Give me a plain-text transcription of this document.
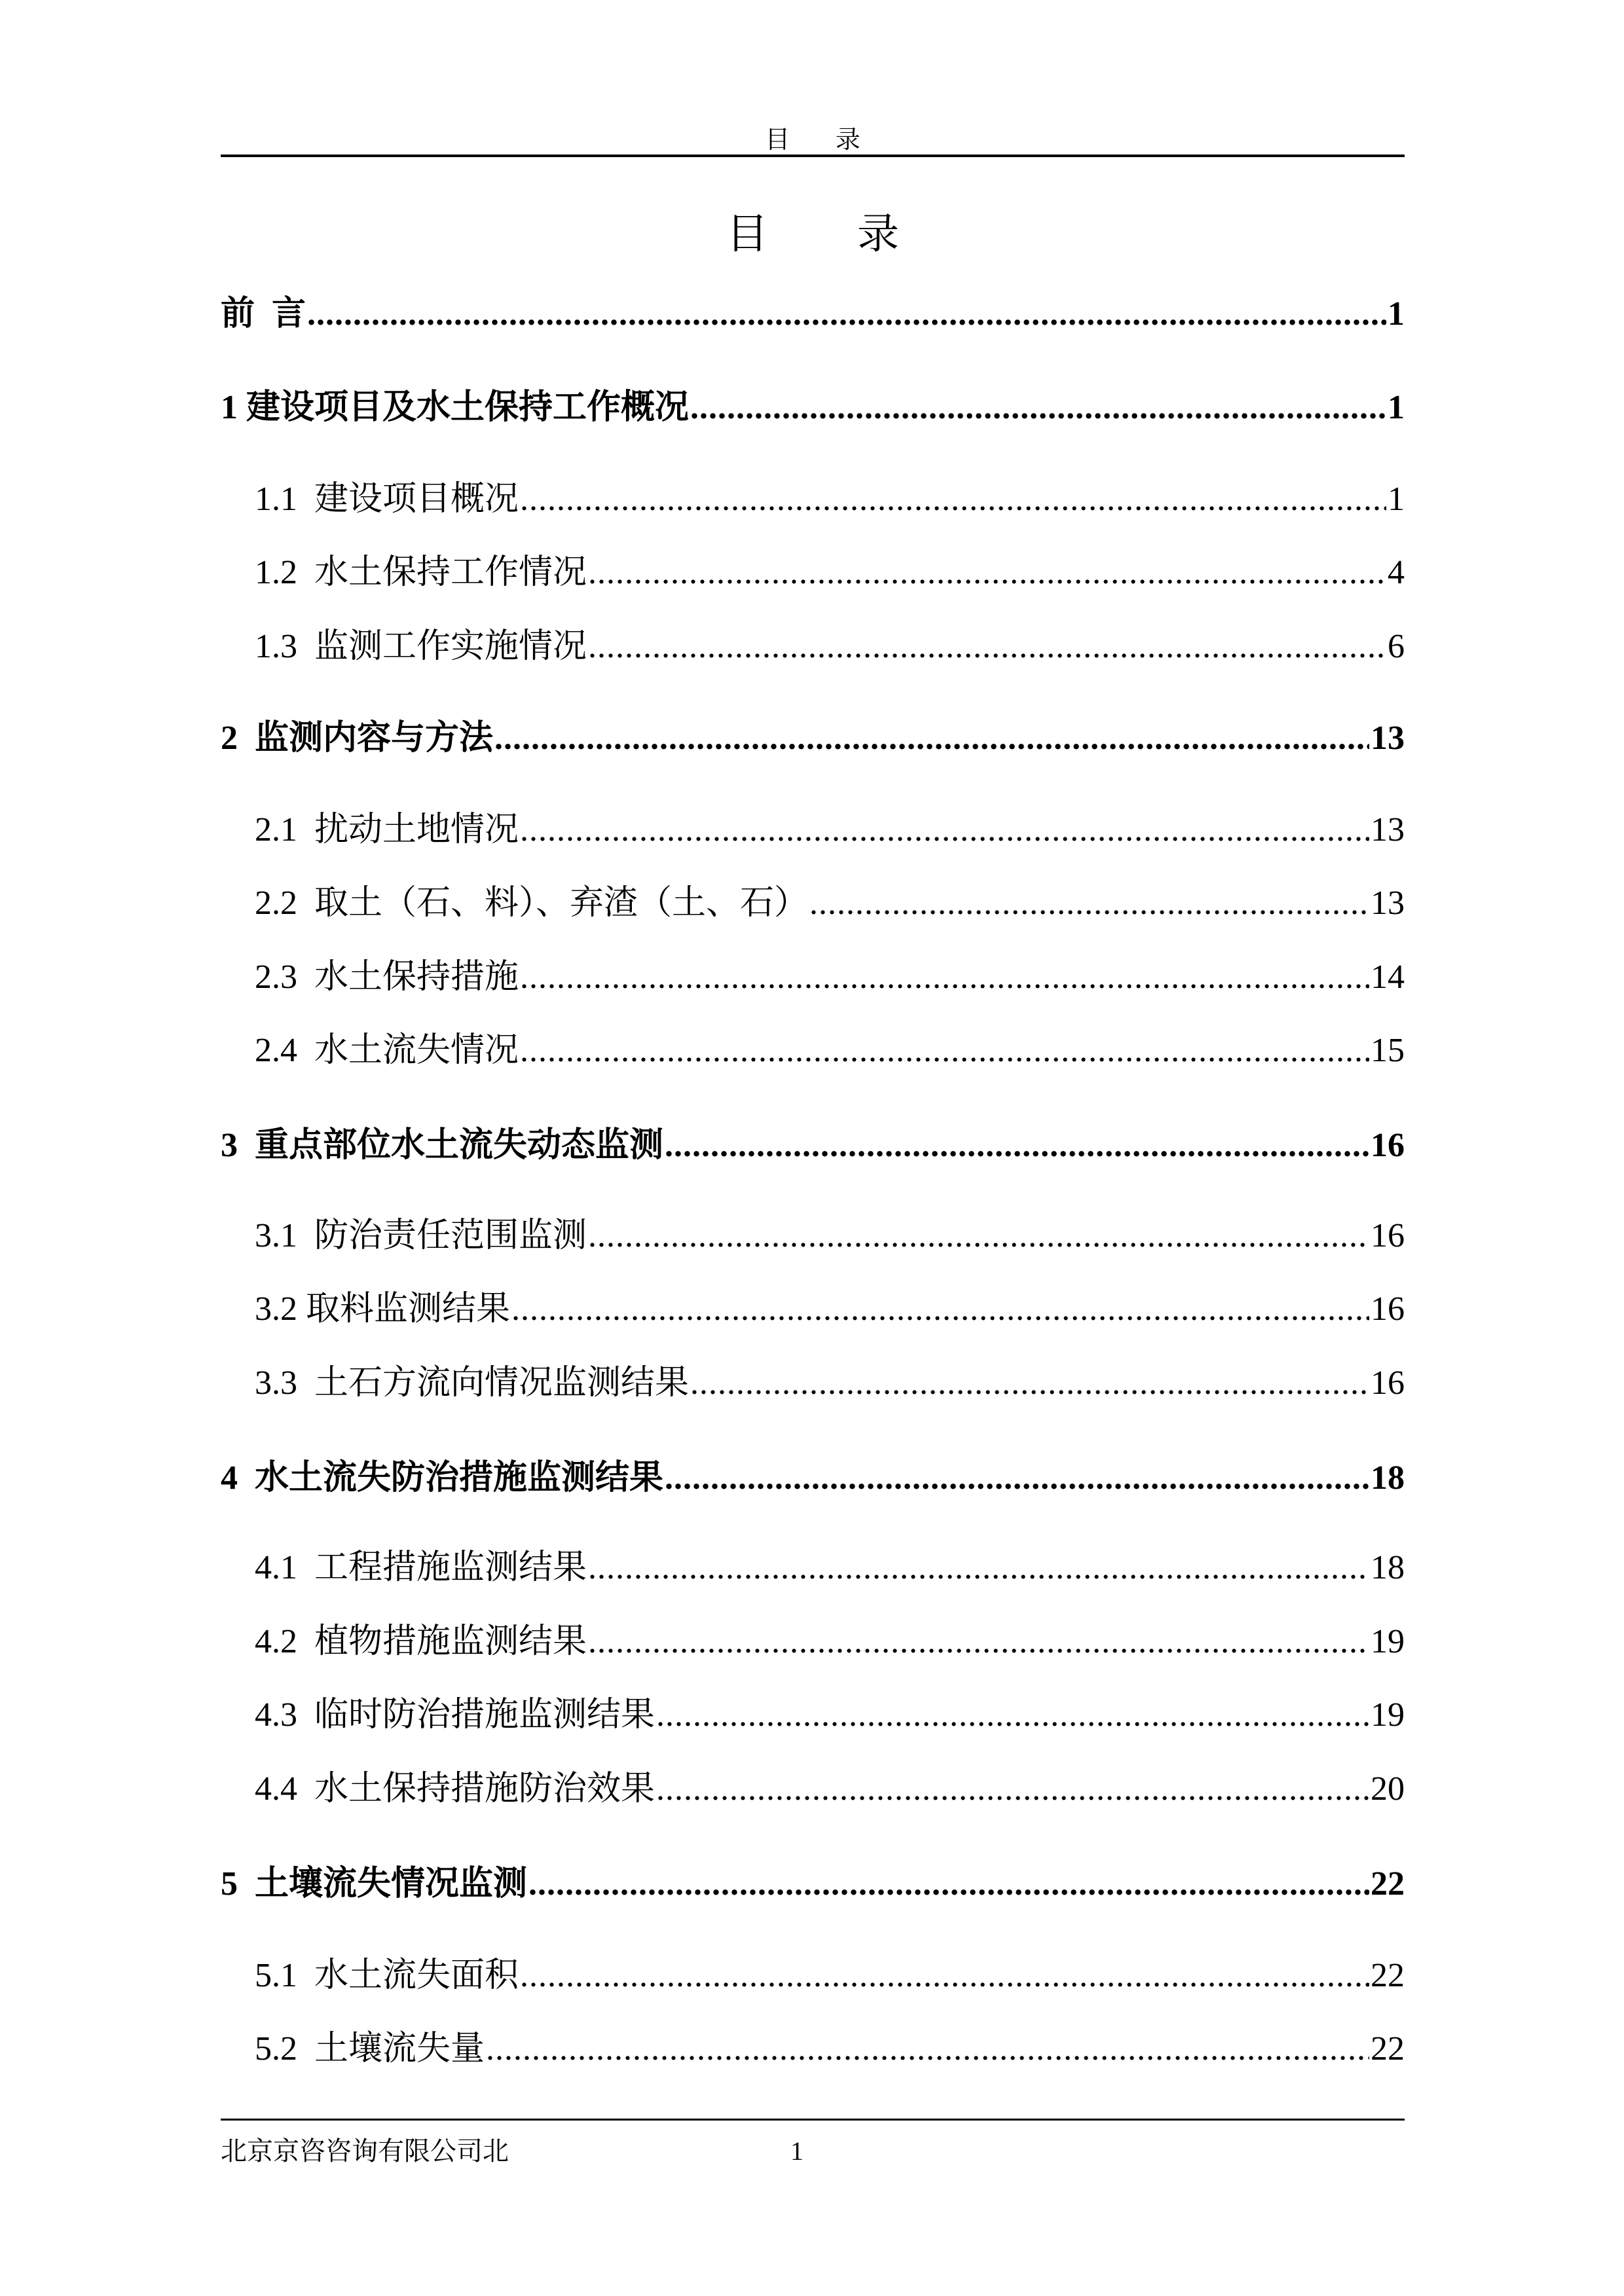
目 录
目 录
前  言 .....	1
1 建设项目及水土保持工作概况 .....	1
1.1  建设项目概况 .....	1
1.2  水土保持工作情况 .....	4
1.3  监测工作实施情况 .....	6
2  监测内容与方法 .....	13
2.1  扰动土地情况 .....	13
2.2  取土（石、料）、弃渣（土、石） .....	13
2.3  水土保持措施 .....	14
2.4  水土流失情况 .....	15
3  重点部位水土流失动态监测 .....	16
3.1  防治责任范围监测 .....	16
3.2 取料监测结果 .....	16
3.3  土石方流向情况监测结果 .....	16
4  水土流失防治措施监测结果 .....	18
4.1  工程措施监测结果 .....	18
4.2  植物措施监测结果 .....	19
4.3  临时防治措施监测结果 .....	19
4.4  水土保持措施防治效果 .....	20
5  土壤流失情况监测 .....	22
5.1  水土流失面积 .....	22
5.2  土壤流失量 .....	22
北京京咨咨询有限公司北	1
